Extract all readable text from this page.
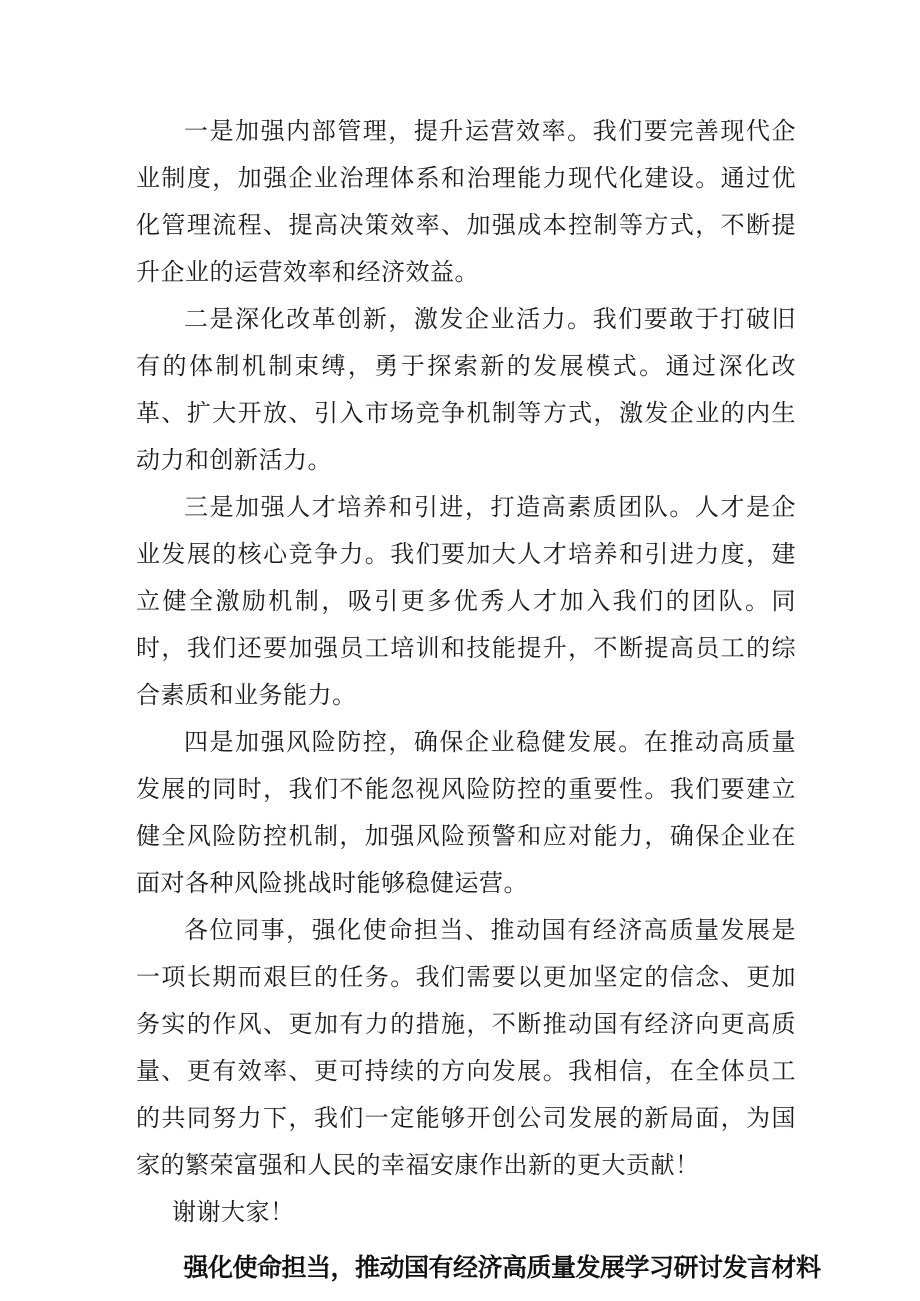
一是加强内部管理，提升运营效率。我们要完善现代企业制度，加强企业治理体系和治理能力现代化建设。通过优化管理流程、提高决策效率、加强成本控制等方式，不断提升企业的运营效率和经济效益。

二是深化改革创新，激发企业活力。我们要敢于打破旧有的体制机制束缚，勇于探索新的发展模式。通过深化改革、扩大开放、引入市场竞争机制等方式，激发企业的内生动力和创新活力。

三是加强人才培养和引进，打造高素质团队。人才是企业发展的核心竞争力。我们要加大人才培养和引进力度，建立健全激励机制，吸引更多优秀人才加入我们的团队。同时，我们还要加强员工培训和技能提升，不断提高员工的综合素质和业务能力。

四是加强风险防控，确保企业稳健发展。在推动高质量发展的同时，我们不能忽视风险防控的重要性。我们要建立健全风险防控机制，加强风险预警和应对能力，确保企业在面对各种风险挑战时能够稳健运营。

各位同事，强化使命担当、推动国有经济高质量发展是一项长期而艰巨的任务。我们需要以更加坚定的信念、更加务实的作风、更加有力的措施，不断推动国有经济向更高质量、更有效率、更可持续的方向发展。我相信，在全体员工的共同努力下，我们一定能够开创公司发展的新局面，为国家的繁荣富强和人民的幸福安康作出新的更大贡献！

谢谢大家！

强化使命担当，推动国有经济高质量发展学习研讨发言材料
